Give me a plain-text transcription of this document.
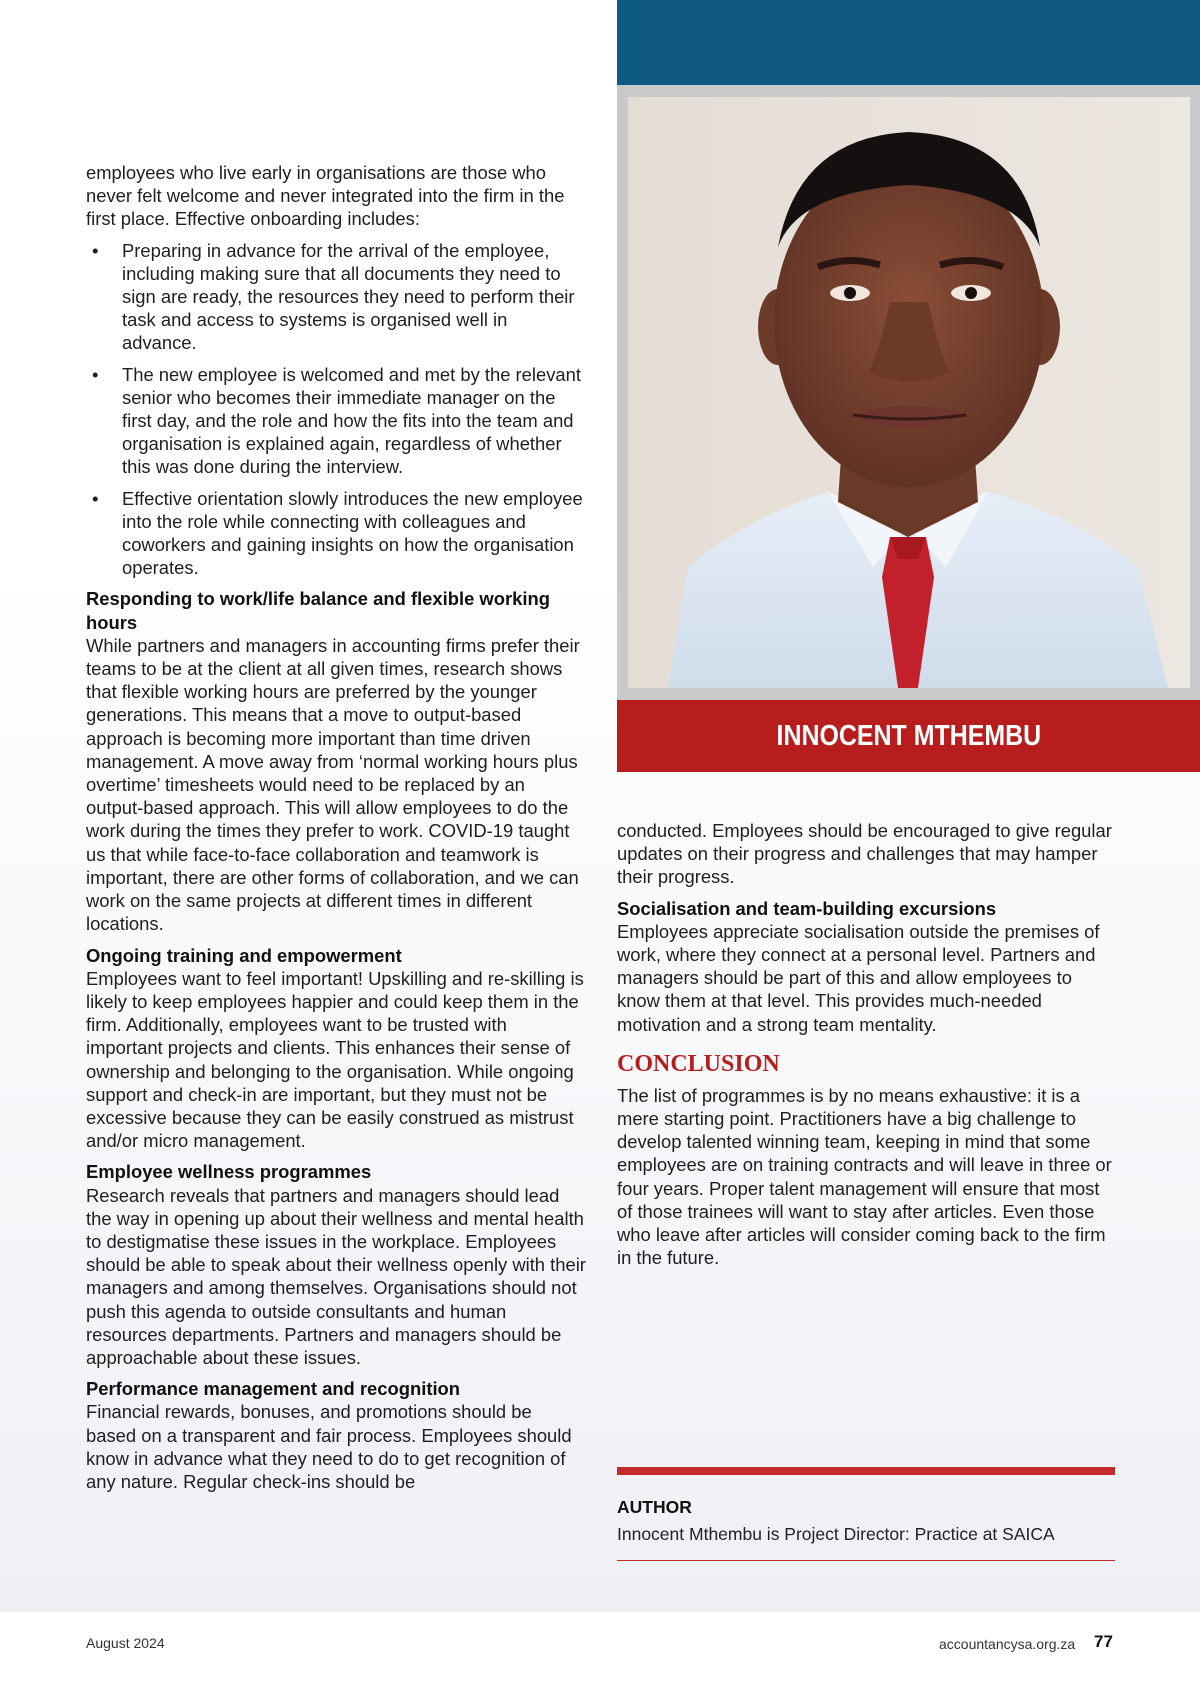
INNOCENT MTHEMBU

employees who live early in organisations are those who never felt welcome and never integrated into the firm in the first place. Effective onboarding includes:

• Preparing in advance for the arrival of the employee, including making sure that all documents they need to sign are ready, the resources they need to perform their task and access to systems is organised well in advance.
• The new employee is welcomed and met by the relevant senior who becomes their immediate manager on the first day, and the role and how the fits into the team and organisation is explained again, regardless of whether this was done during the interview.
• Effective orientation slowly introduces the new employee into the role while connecting with colleagues and coworkers and gaining insights on how the organisation operates.
Responding to work/life balance and flexible working hours

While partners and managers in accounting firms prefer their teams to be at the client at all given times, research shows that flexible working hours are preferred by the younger generations. This means that a move to output-based approach is becoming more important than time driven management. A move away from ‘normal working hours plus overtime’ timesheets would need to be replaced by an output-based approach. This will allow employees to do the work during the times they prefer to work. COVID-19 taught us that while face-to-face collaboration and teamwork is important, there are other forms of collaboration, and we can work on the same projects at different times in different locations.

Ongoing training and empowerment

Employees want to feel important! Upskilling and re-skilling is likely to keep employees happier and could keep them in the firm. Additionally, employees want to be trusted with important projects and clients. This enhances their sense of ownership and belonging to the organisation. While ongoing support and check-in are important, but they must not be excessive because they can be easily construed as mistrust and/or micro management.

Employee wellness programmes

Research reveals that partners and managers should lead the way in opening up about their wellness and mental health to destigmatise these issues in the workplace. Employees should be able to speak about their wellness openly with their managers and among themselves. Organisations should not push this agenda to outside consultants and human resources departments. Partners and managers should be approachable about these issues.

Performance management and recognition

Financial rewards, bonuses, and promotions should be based on a transparent and fair process. Employees should know in advance what they need to do to get recognition of any nature. Regular check-ins should be

conducted. Employees should be encouraged to give regular updates on their progress and challenges that may hamper their progress.

Socialisation and team-building excursions

Employees appreciate socialisation outside the premises of work, where they connect at a personal level. Partners and managers should be part of this and allow employees to know them at that level. This provides much-needed motivation and a strong team mentality.

CONCLUSION

The list of programmes is by no means exhaustive: it is a mere starting point. Practitioners have a big challenge to develop talented winning team, keeping in mind that some employees are on training contracts and will leave in three or four years. Proper talent management will ensure that most of those trainees will want to stay after articles. Even those who leave after articles will consider coming back to the firm in the future.

AUTHOR
Innocent Mthembu is Project Director: Practice at SAICA
August 2024	accountancysa.org.za 77
